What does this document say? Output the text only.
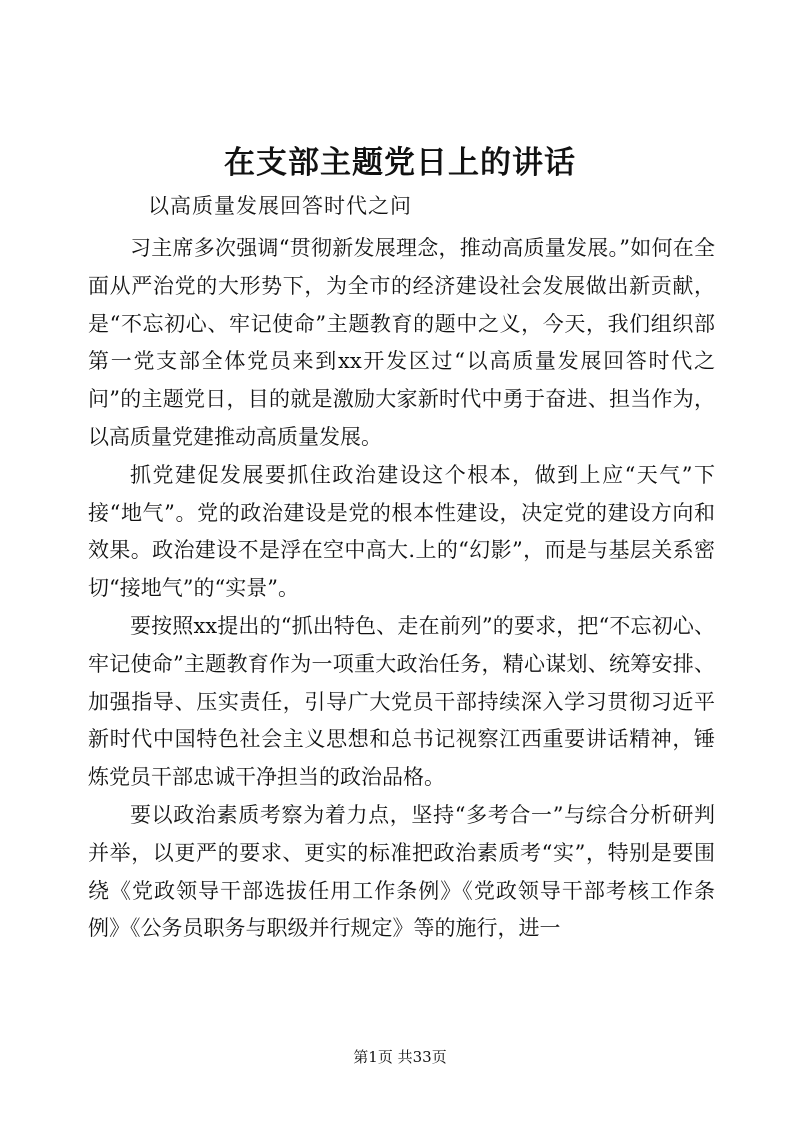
在支部主题党日上的讲话
以高质量发展回答时代之问

习主席多次强调“贯彻新发展理念，推动高质量发展。”如何在全面从严治党的大形势下，为全市的经济建设社会发展做出新贡献，是“不忘初心、牢记使命”主题教育的题中之义，今天，我们组织部第一党支部全体党员来到xx开发区过“以高质量发展回答时代之问”的主题党日，目的就是激励大家新时代中勇于奋进、担当作为，以高质量党建推动高质量发展。

抓党建促发展要抓住政治建设这个根本，做到上应“天气”下接“地气”。党的政治建设是党的根本性建设，决定党的建设方向和效果。政治建设不是浮在空中高大.上的“幻影”，而是与基层关系密切“接地气”的“实景”。

要按照xx提出的“抓出特色、走在前列”的要求，把“不忘初心、牢记使命”主题教育作为一项重大政治任务，精心谋划、统筹安排、加强指导、压实责任，引导广大党员干部持续深入学习贯彻习近平新时代中国特色社会主义思想和总书记视察江西重要讲话精神，锤炼党员干部忠诚干净担当的政治品格。

要以政治素质考察为着力点，坚持“多考合一”与综合分析研判并举，以更严的要求、更实的标准把政治素质考“实”，特别是要围绕《党政领导干部选拔任用工作条例》《党政领导干部考核工作条例》《公务员职务与职级并行规定》等的施行，进一

第1页 共33页
